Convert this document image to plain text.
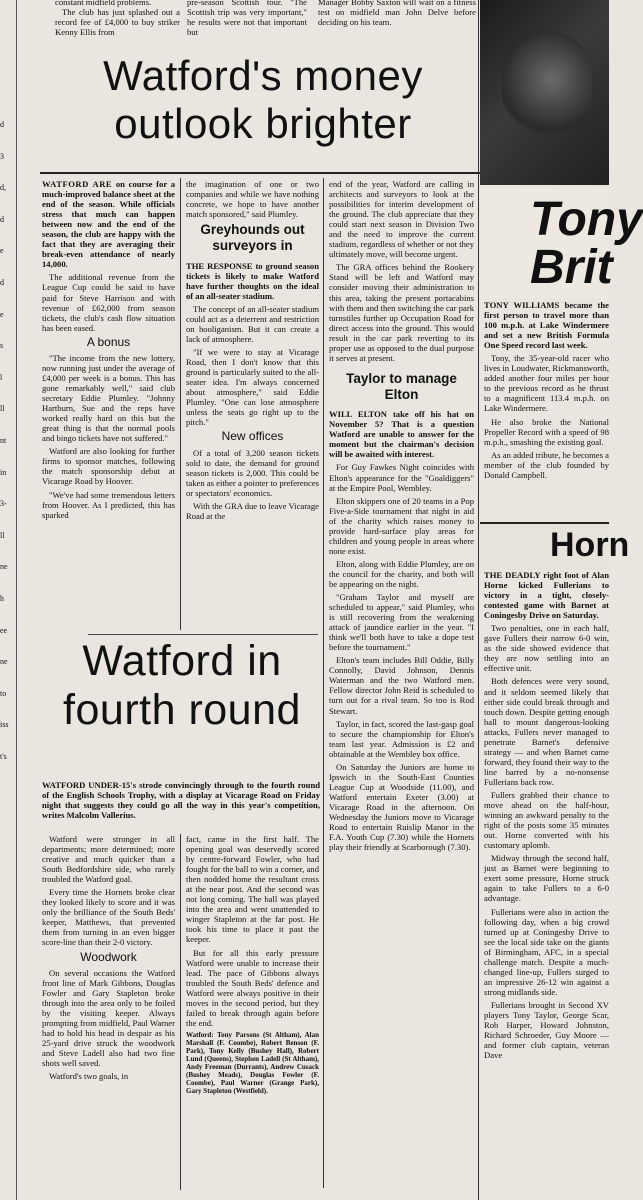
constant midfield problems.

The club has just splashed out a record fee of £4,000 to buy striker Kenny Ellis from

pre-season Scottish tour. "The Scottish trip was very important," he results were not that important but

Manager Bobby Saxton will wait on a fitness test on midfield man John Delve before deciding on his team.

d
3
d,
d
e
d
e
s
l
ll
nt
in
3-
ll
ne
h
ee
ne
to
iss
t's
Watford's money
outlook brighter

WATFORD ARE on course for a much-improved balance sheet at the end of the season. While officials stress that much can happen between now and the end of the season, the club are happy with the fact that they are averaging their break-even attendance of nearly 14,000.

The additional revenue from the League Cup could be said to have paid for Steve Harrison and with revenue of £62,000 from season tickets, the club's cash flow situation has been eased.

A bonus

"The income from the new lottery, now running just under the average of £4,000 per week is a bonus. This has gone remarkably well," said club secretary Eddie Plumley. "Johnny Hartburn, Sue and the reps have worked really hard on this but the great thing is that the normal pools and bingo tickets have not suffered."

Watford are also looking for further firms to sponsor matches, following the match sponsorship debut at Vicarage Road by Hoover.

"We've had some tremendous letters from Hoover. As I predicted, this has sparked

the imagination of one or two companies and while we have nothing concrete, we hope to have another match sponsored," said Plumley.

Greyhounds out surveyors in

THE RESPONSE to ground season tickets is likely to make Watford have further thoughts on the ideal of an all-seater stadium.

The concept of an all-seater stadium could act as a deterrent and restriction on hooliganism. But it can create a lack of atmosphere.

"If we were to stay at Vicarage Road, then I don't know that this ground is particularly suited to the all-seater idea. I'm always concerned about atmosphere," said Eddie Plumley. "One can lose atmosphere unless the seats go right up to the pitch."

New offices

Of a total of 3,200 season tickets sold to date, the demand for ground season tickets is 2,000. This could be taken as either a pointer to preferences or spectators' economics.

With the GRA due to leave Vicarage Road at the

end of the year, Watford are calling in architects and surveyors to look at the possibilities for interim development of the ground. The club appreciate that they could start next season in Division Two and the need to improve the current stadium, regardless of whether or not they ultimately move, will become urgent.

The GRA offices behind the Rookery Stand will be left and Watford may consider moving their administration to this area, taking the present portacabins with them and then switching the car park turnstiles further up Occupation Road for direct access into the ground. This would result in the car park reverting to its proper use as opposed to the dual purpose it serves at present.

Taylor to manage Elton

WILL ELTON take off his hat on November 5? That is a question Watford are unable to answer for the moment but the chairman's decision will be awaited with interest.

For Guy Fawkes Night coincides with Elton's appearance for the "Goaldiggers" at the Empire Pool, Wembley.

Elton skippers one of 20 teams in a Pop Five-a-Side tournament that night in aid of the charity which raises money to provide hard-surface play areas for children and young people in areas where none exist.

Elton, along with Eddie Plumley, are on the council for the charity, and both will be appearing on the night.

"Graham Taylor and myself are scheduled to appear," said Plumley, who is still recovering from the weakening attack of jaundice earlier in the year. "I think we'll both have to take a dope test before the tournament."

Elton's team includes Bill Oddie, Billy Connolly, David Johnson, Dennis Waterman and the two Watford men. Fellow director John Reid is scheduled to turn out for a rival team. So too is Rod Stewart.

Taylor, in fact, scored the last-gasp goal to secure the championship for Elton's team last year. Admission is £2 and obtainable at the Wembley box office.

On Saturday the Juniors are home to Ipswich in the South-East Counties League Cup at Woodside (11.00), and Watford entertain Exeter (3.00) at Vicarage Road in the afternoon. On Wednesday the Juniors move to Vicarage Road to entertain Ruislip Manor in the F.A. Youth Cup (7.30) while the Hornets play their friendly at Scarborough (7.30).

Watford in
fourth round

WATFORD UNDER-15's strode convincingly through to the fourth round of the English Schools Trophy, with a display at Vicarage Road on Friday night that suggests they could go all the way in this year's competition, writes Malcolm Vallerius.

Watford were stronger in all departments; more determined; more creative and much quicker than a South Bedfordshire side, who rarely troubled the Watford goal.

Every time the Hornets broke clear they looked likely to score and it was only the brilliance of the South Beds' keeper, Matthews, that prevented them from turning in an even bigger score-line than their 2-0 victory.

Woodwork

On several occasions the Watford front line of Mark Gibbons, Douglas Fowler and Gary Stapleton broke through into the area only to be foiled by the visiting keeper. Always prompting from midfield, Paul Warner had to hold his head in despair as his 25-yard drive struck the woodwork and Steve Ladell also had two fine shots well saved.

Watford's two goals, in

fact, came in the first half. The opening goal was deservedly scored by centre-forward Fowler, who had fought for the ball to win a corner, and then nodded home the resultant cross at the near post. And the second was not long coming. The ball was played into the area and went unattended to winger Stapleton at the far post. He took his time to place it past the keeper.

But for all this early pressure Watford were unable to increase their lead. The pace of Gibbons always troubled the South Beds' defence and Watford were always positive in their moves in the second period, but they failed to break through again before the end.

Watford: Tony Parsons (St Altham), Alan Marshall (F. Coombe), Robert Benson (F. Park), Tony Kelly (Bushey Hall), Robert Lund (Queens), Stephen Ladell (St Altham), Andy Freeman (Durrants), Andrew Cusack (Bushey Meads), Douglas Fowler (F. Coombe), Paul Warner (Grange Park), Gary Stapleton (Westfield).

Tony
Brit

TONY WILLIAMS became the first person to travel more than 100 m.p.h. at Lake Windermere and set a new British Formula One Speed record last week.

Tony, the 35-year-old racer who lives in Loudwater, Rickmansworth, added another four miles per hour to the previous record as he thrust to a magnificent 113.4 m.p.h. on Lake Windermere.

He also broke the National Propeller Record with a speed of 98 m.p.h., smashing the existing goal.

As an added tribute, he becomes a member of the club founded by Donald Campbell.

Horn

THE DEADLY right foot of Alan Horne kicked Fullerians to victory in a tight, closely-contested game with Barnet at Coningesby Drive on Saturday.

Two penalties, one in each half, gave Fullers their narrow 6-0 win, as the side showed evidence that they are now settling into an effective unit.

Both defences were very sound, and it seldom seemed likely that either side could break through and touch down. Despite getting enough ball to mount dangerous-looking attacks, Fullers never managed to penetrate Barnet's defensive strategy — and when Barnet came forward, they found their way to the line barred by a no-nonsense Fullerians back row.

Fullers grabbed their chance to move ahead on the half-hour, winning an awkward penalty to the right of the posts some 35 minutes out. Horne converted with his customary aplomb.

Midway through the second half, just as Barnet were beginning to exert some pressure, Horne struck again to take Fullers to a 6-0 advantage.

Fullerians were also in action the following day, when a big crowd turned up at Coningesby Drive to see the local side take on the giants of Birmingham, AFC, in a special challenge match. Despite a much-changed line-up, Fullers surged to an impressive 26-12 win against a strong midlands side.

Fullerians brought in Second XV players Tony Taylor, George Scar, Rob Harper, Howard Johnston, Richard Schroeder, Guy Moore — and former club captain, veteran Dave
